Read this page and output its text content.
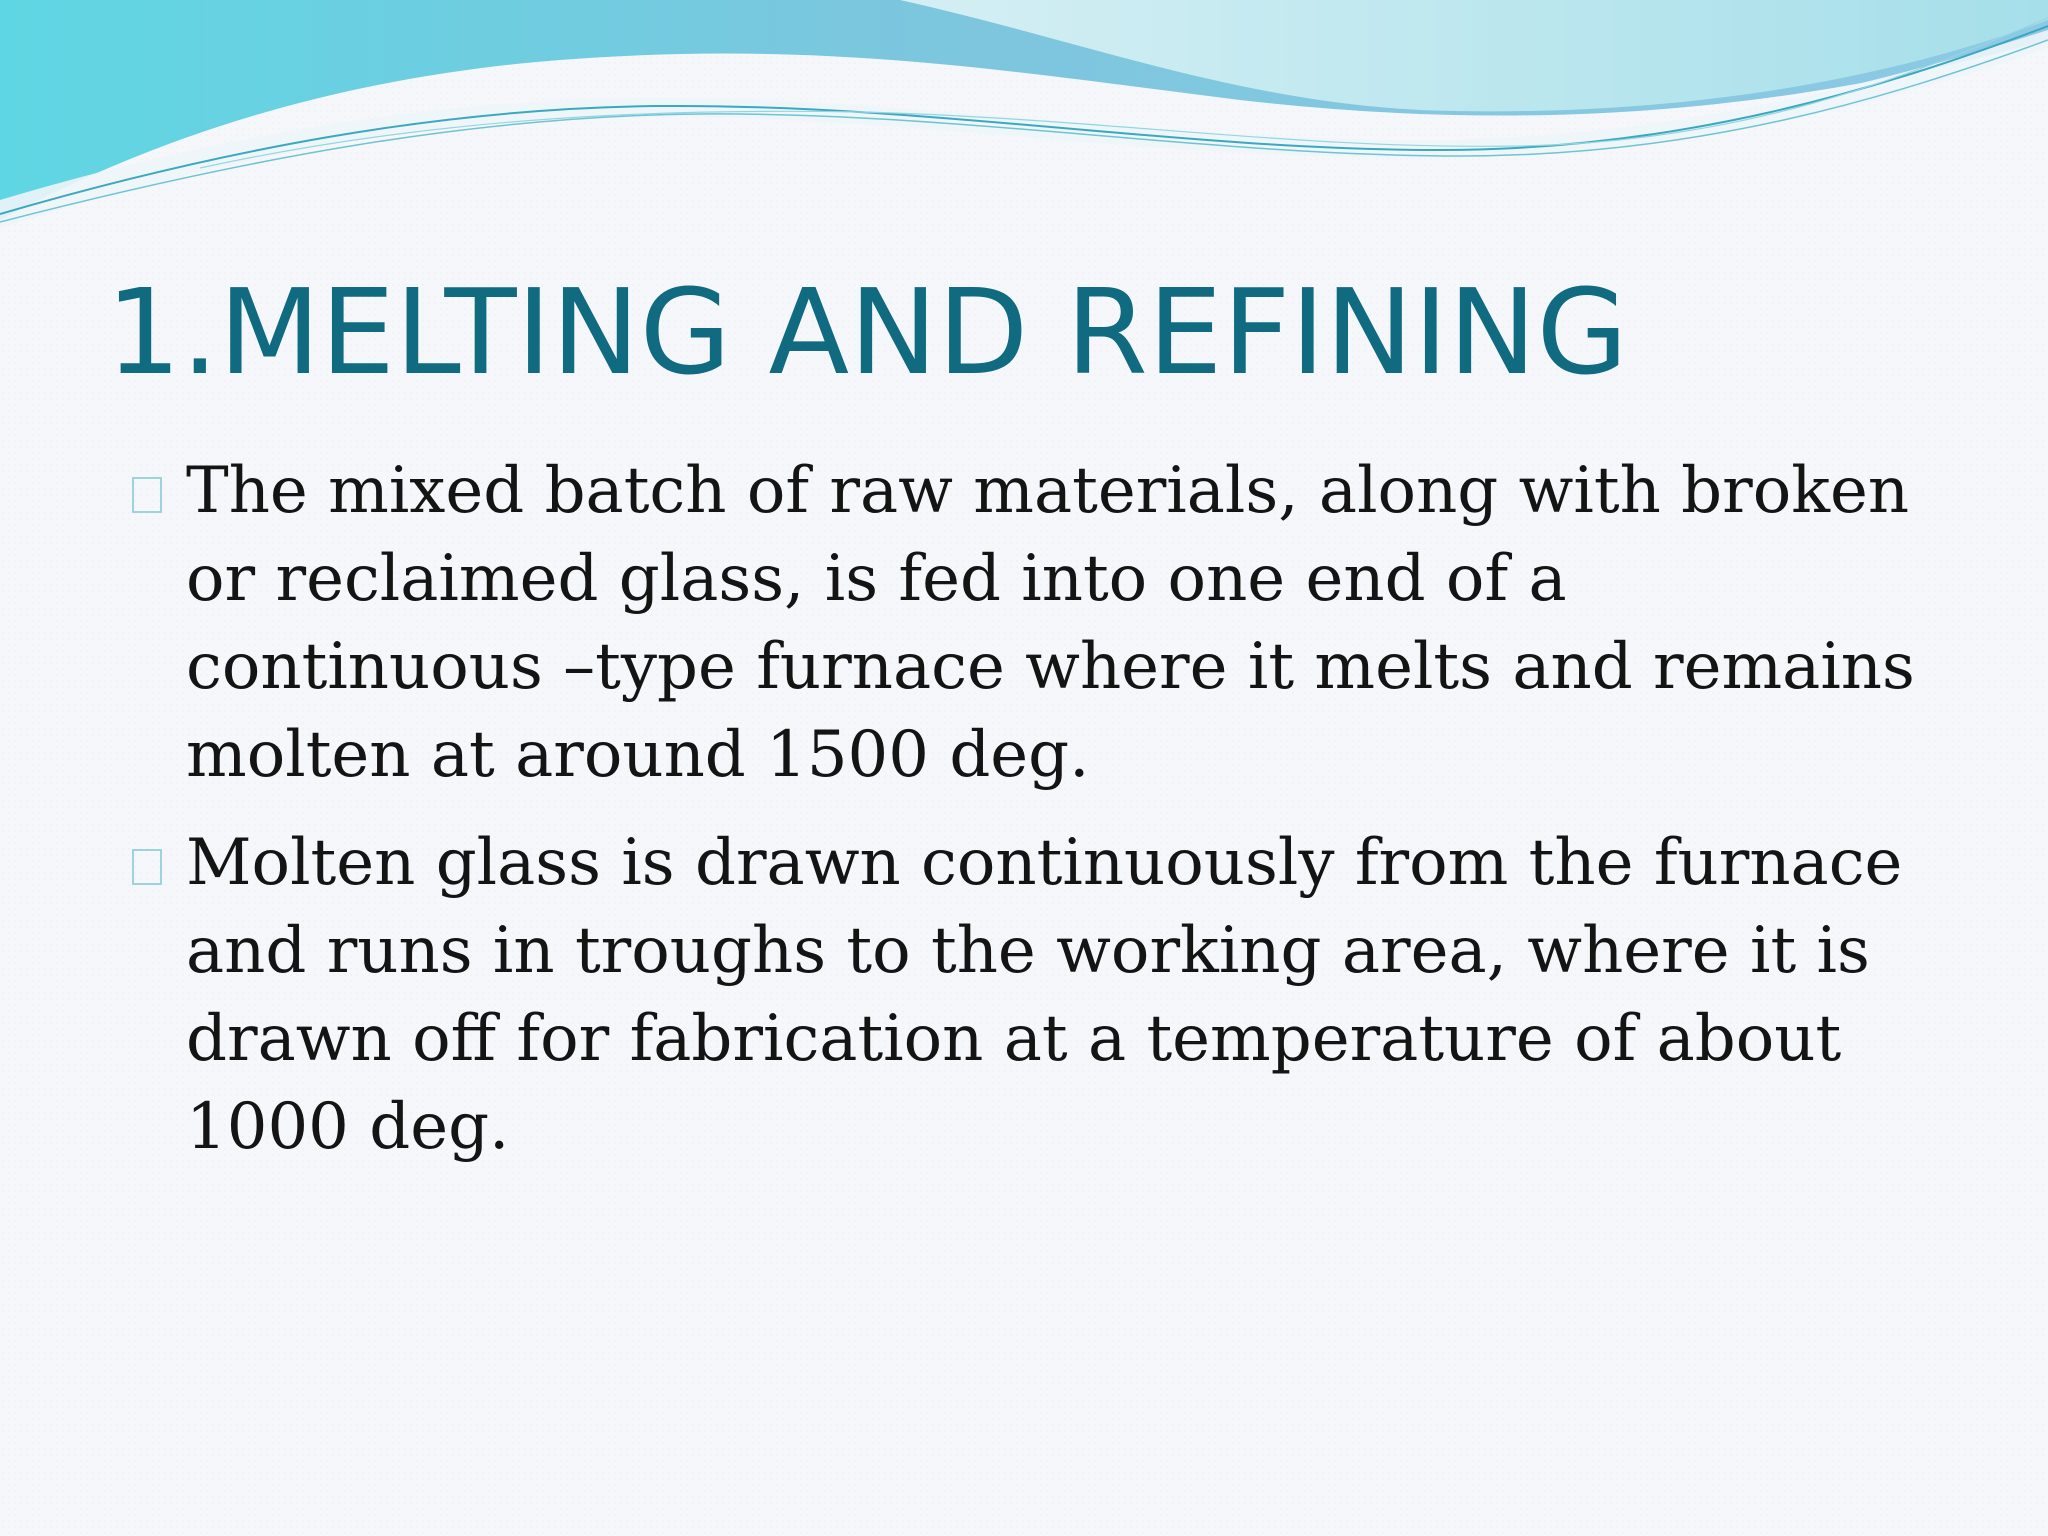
1.MELTING AND REFINING
The mixed batch of raw materials, along with broken or reclaimed glass, is fed into one end of a continuous –type furnace where it melts and remains molten at around 1500 deg.
Molten glass is drawn continuously from the furnace and runs in troughs to the working area, where it is drawn off for fabrication at a temperature of about 1000 deg.
